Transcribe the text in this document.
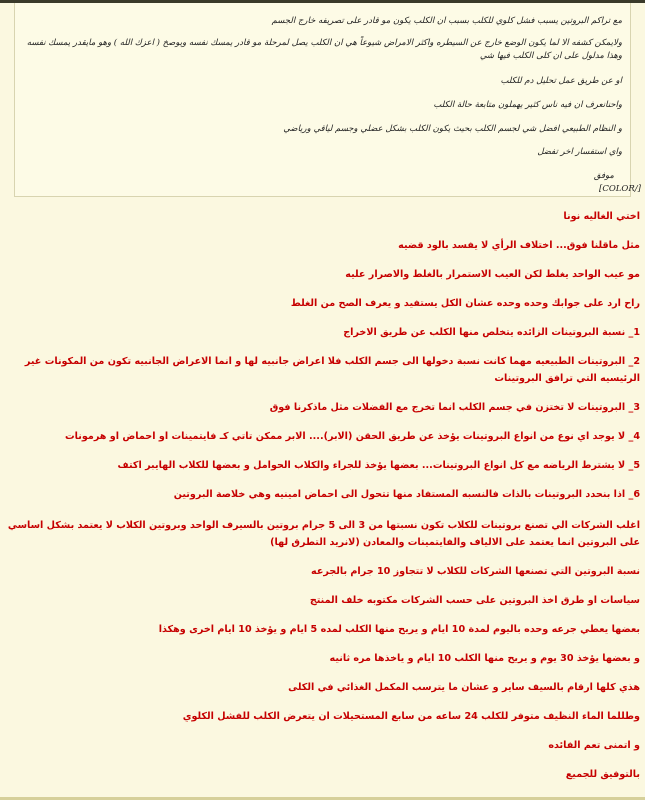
مع تراكم البروتين يسبب فشل كلوي للكلب بسبب ان الكلب يكون مو قادر على تصريفه خارج الجسم
ولايمكن كشفه الا لما يكون الوضع خارج عن السيطره واكثر الامراض شيوعاً هي ان الكلب يصل لمرحلة مو قادر يمسك نفسه ويوصخ ( اعزك الله ) وهو مايقدر يمسك نفسه وهذا مدلول على ان كلى الكلب فيها شي
او عن طريق عمل تحليل دم للكلب
واحنانعرف ان فيه ناس كثير يهملون متابعة حالة الكلب
و النظام الطبيعي افضل شي لجسم الكلب بحيث يكون الكلب بشكل عضلي وجسم لياقي ورياضي
واي استفسار اخر تفضل
موفق
[COLOR/]
اختي الغاليه نونا
مثل ماقلنا فوق... اختلاف الرأي لا يفسد بالود قضيه
مو عيب الواحد يغلط لكن العيب الاستمرار بالغلط والاصرار عليه
راح ارد على جوابك وحده وحده عشان الكل يستفيد و يعرف الصح من الغلط
1_ نسبة البروتينات الزائده يتخلص منها الكلب عن طريق الاخراج
2_ البروتينات الطبيعيه مهما كانت نسبة دخولها الى جسم الكلب فلا اعراض جانبيه لها و انما الاعراض الجانبيه تكون من المكونات غير الرئيسيه التي ترافق البروتينات
3_ البروتينات لا تختزن في جسم الكلب انما تخرج مع الفضلات مثل ماذكرنا فوق
4_ لا يوجد اي نوع من انواع البروتينات يؤخذ عن طريق الحقن (الابر).... الابر ممكن تاتي كـ فايتمينات او احماض او هرمونات
5_ لا يشترط الرياضه مع كل انواع البروتينات... بعضها يؤخذ للجراء والكلاب الحوامل و بعضها للكلاب الهايبر اكتف
6_ اذا بنحدد البروتينات بالذات فالنسبه المستفاد منها تتحول الى احماض امينيه وهي خلاصة البروتين
اغلب الشركات الي تصنع بروتينات للكلاب تكون نسبتها من 3 الى 5 جرام بروتين بالسيرف الواحد وبروتين الكلاب لا يعتمد بشكل اساسي على البروتين انما يعتمد على الالياف والفايتمينات والمعادن (لانريد التطرق لها)
نسبة البروتين التي تصنعها الشركات للكلاب لا تتجاوز 10 جرام بالجرعه
سياسات او طرق اخذ البروتين على حسب الشركات مكتوبه خلف المنتج
بعضها يعطي جرعه وحده باليوم لمدة 10 ايام و يريح منها الكلب لمده 5 ايام و يؤخذ 10 ايام اخرى وهكذا
و بعضها يؤخذ 30 يوم و يريح منها الكلب 10 ايام و ياخذها مره ثانيه
هذي كلها ارقام بالسيف ساير و عشان ما يترسب المكمل الغذائي في الكلى
وطللما الماء النظيف متوفر للكلب 24 ساعه من سابع المستحيلات ان يتعرض الكلب للفشل الكلوي
و اتمنى تعم الفائده
بالتوفيق للجميع
